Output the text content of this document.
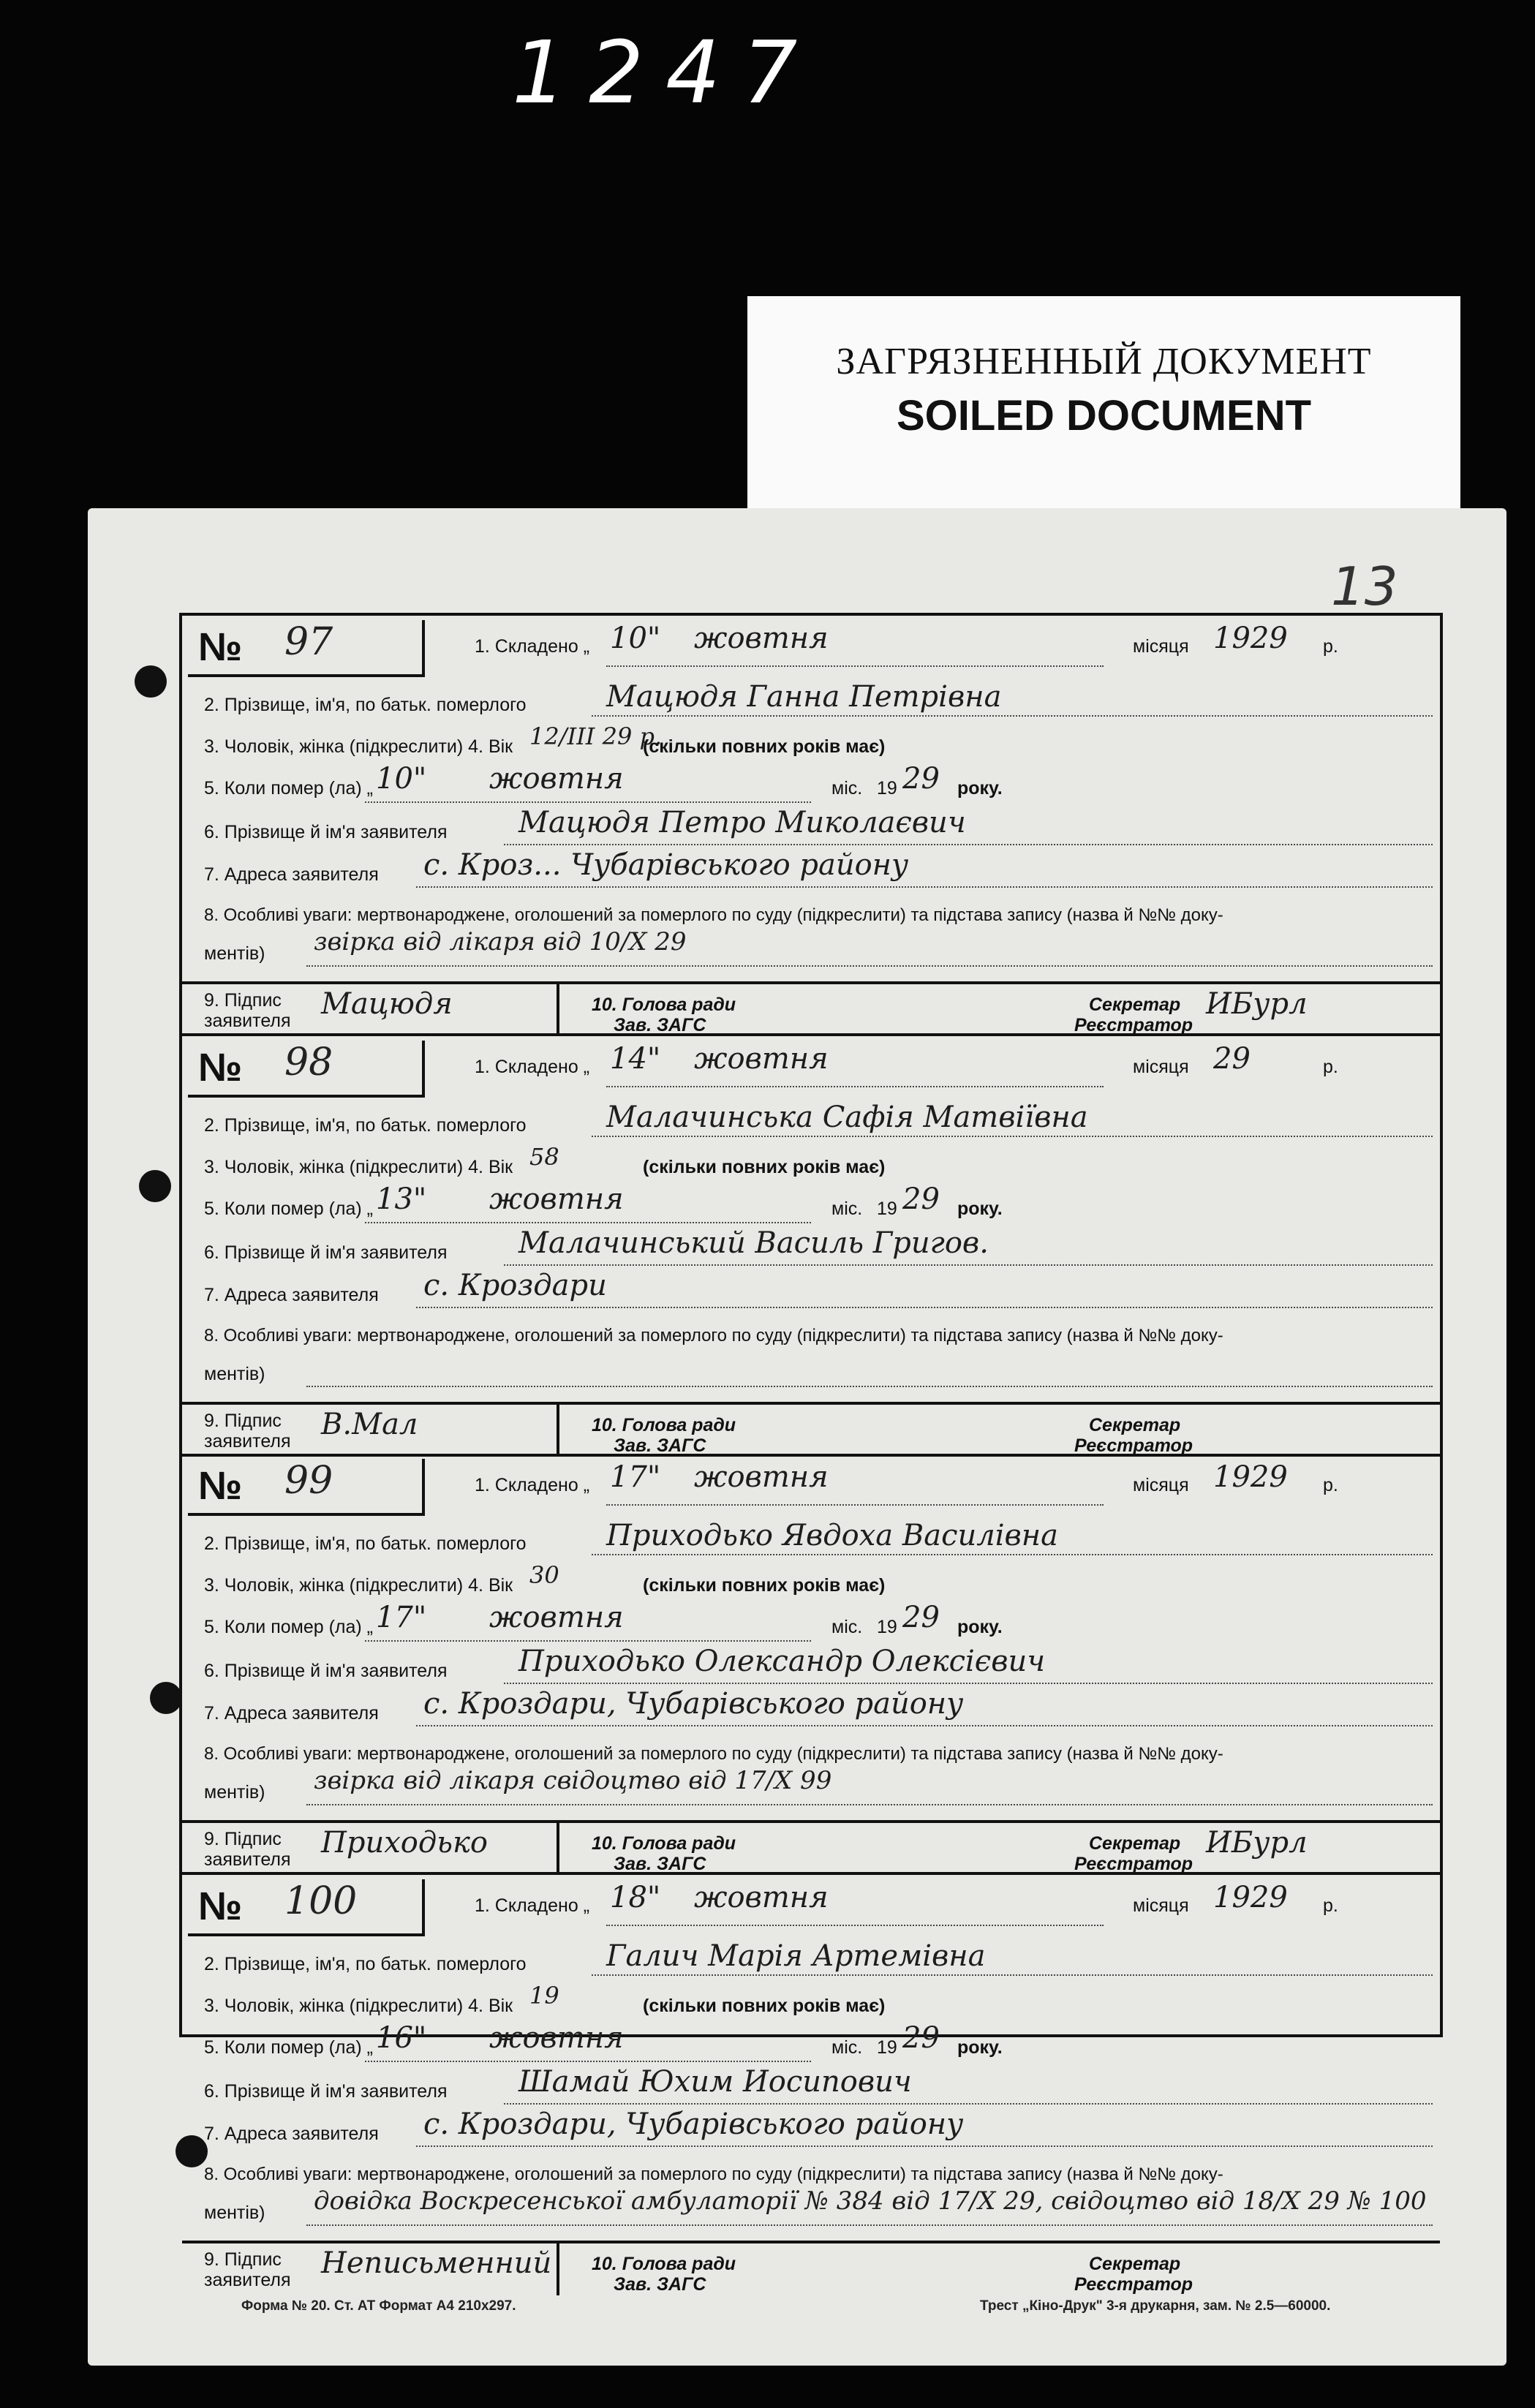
1247
ЗАГРЯЗНЕННЫЙ ДОКУМЕНТ
SOILED DOCUMENT
13
№ 97	1. Складено „ 10" жовтня	місяця 1929 р.
2. Прізвище, ім'я, по батьк. померлого	Мацюдя Ганна Петрівна
3. Чоловік, жінка (підкреслити) 4. Вік 12/III 29 р.
(скільки повних років має)
5. Коли помер (ла) „ 10" жовтня	міс. 19 29 року.
6. Прізвище й ім'я заявителя Мацюдя Петро Миколаєвич
7. Адреса заявителя с. Кроз... Чубарівського району
8. Особливі уваги: мертвонароджене, оголошений за померлого по суду (підкреслити) та підстава запису (назва й №№ доку-
ментів) звірка від лікаря від 10/Х 29
9. Підпис
заявителя Мацюдя	10. Голова ради
Зав. ЗАГС
Секретар
Реєстратор
ИБурл
№ 98	1. Складено „ 14" жовтня	місяця 29	р.
2. Прізвище, ім'я, по батьк. померлого	Малачинська Сафія Матвіївна
3. Чоловік, жінка (підкреслити) 4. Вік 58	(скільки повних років має)
5. Коли помер (ла) „ 13" жовтня	міс. 19 29 року.
6. Прізвище й ім'я заявителя Малачинський Василь Григов.
7. Адреса заявителя с. Кроздари
8. Особливі уваги: мертвонароджене, оголошений за померлого по суду (підкреслити) та підстава запису (назва й №№ доку-
ментів)
9. Підпис
заявителя В.Мал	10. Голова ради
Зав. ЗАГС
Секретар
Реєстратор
№ 99	1. Складено „ 17" жовтня	місяця 1929 р.
2. Прізвище, ім'я, по батьк. померлого	Приходько Явдоха Василівна
3. Чоловік, жінка (підкреслити) 4. Вік 30	(скільки повних років має)
5. Коли помер (ла) „ 17" жовтня	міс. 19 29 року.
6. Прізвище й ім'я заявителя Приходько Олександр Олексієвич
7. Адреса заявителя с. Кроздари, Чубарівського району
8. Особливі уваги: мертвонароджене, оголошений за померлого по суду (підкреслити) та підстава запису (назва й №№ доку-
ментів) звірка від лікаря свідоцтво від 17/Х 99
9. Підпис
заявителя Приходько	10. Голова ради
Зав. ЗАГС
Секретар
Реєстратор
ИБурл
№ 100	1. Складено „ 18" жовтня	місяця 1929 р.
2. Прізвище, ім'я, по батьк. померлого	Галич Марія Артемівна
3. Чоловік, жінка (підкреслити) 4. Вік 19	(скільки повних років має)
5. Коли помер (ла) „ 16" жовтня	міс. 19 29 року.
6. Прізвище й ім'я заявителя Шамай Юхим Иосипович
7. Адреса заявителя с. Кроздари, Чубарівського району
8. Особливі уваги: мертвонароджене, оголошений за померлого по суду (підкреслити) та підстава запису (назва й №№ доку-
ментів) довідка Воскресенської амбулаторії № 384 від 17/Х 29, свідоцтво від 18/Х 29 № 100
9. Підпис
заявителя Неписьменний 10. Голова ради
Зав. ЗАГС
Секретар
Реєстратор
Форма № 20. Ст. АТ Формат А4 210х297.	Трест „Кіно-Друк" 3-я друкарня, зам. № 2.5—60000.
